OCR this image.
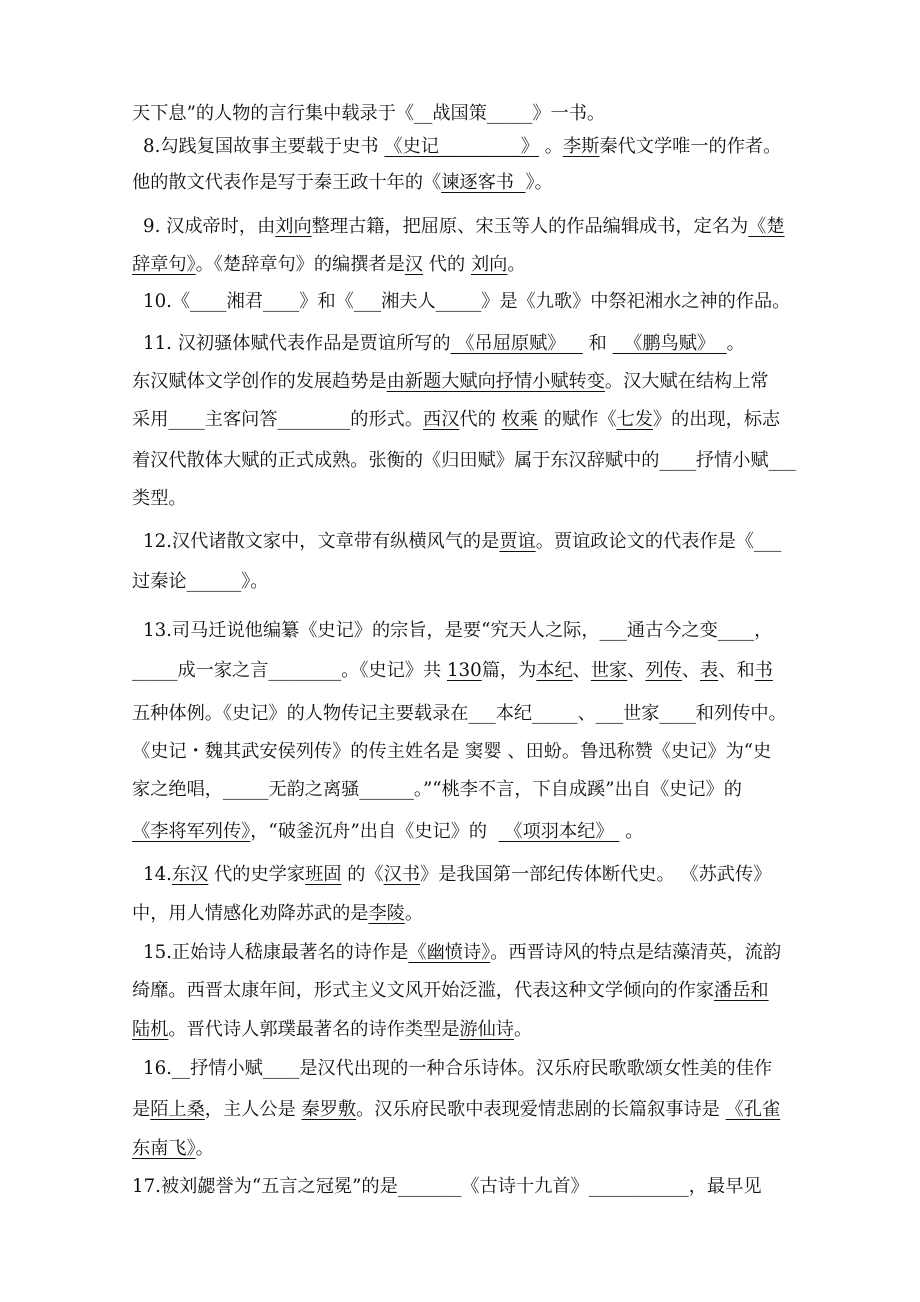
天下息”的人物的言行集中载录于《__战国策_____》一书。
8.勾践复国故事主要载于史书 《史记_________》 。李斯秦代文学唯一的作者。
他的散文代表作是写于秦王政十年的《谏逐客书  》。
9. 汉成帝时，由刘向整理古籍，把屈原、宋玉等人的作品编辑成书，定名为《楚
辞章句》。《楚辞章句》的编撰者是汉 代的 刘向。
10.《____湘君____》和《___湘夫人_____》是《九歌》中祭祀湘水之神的作品。
11. 汉初骚体赋代表作品是贾谊所写的 《吊屈原赋》    和   《鹏鸟赋》  。
东汉赋体文学创作的发展趋势是由新题大赋向抒情小赋转变。汉大赋在结构上常
采用____主客问答________的形式。西汉代的 枚乘 的赋作《七发》的出现，标志
着汉代散体大赋的正式成熟。张衡的《归田赋》属于东汉辞赋中的____抒情小赋___
类型。
12.汉代诸散文家中，文章带有纵横风气的是贾谊。贾谊政论文的代表作是《___
过秦论______》。
13.司马迁说他编纂《史记》的宗旨，是要“究天人之际，___通古今之变____，
_____成一家之言________。《史记》共 130篇，为本纪、世家、列传、表、和书
五种体例。《史记》的人物传记主要载录在___本纪_____、___世家____和列传中。
《史记・魏其武安侯列传》的传主姓名是 窦婴 、田蚡。鲁迅称赞《史记》为“史
家之绝唱，_____无韵之离骚______。”“桃李不言，下自成蹊”出自《史记》的
《李将军列传》，“破釜沉舟”出自《史记》的   《项羽本纪》  。
14.东汉 代的史学家班固 的《汉书》是我国第一部纪传体断代史。 《苏武传》
中，用人情感化劝降苏武的是李陵。
15.正始诗人嵇康最著名的诗作是《幽愤诗》。西晋诗风的特点是结藻清英，流韵
绮靡。西晋太康年间，形式主义文风开始泛滥，代表这种文学倾向的作家潘岳和
陆机。晋代诗人郭璞最著名的诗作类型是游仙诗。
16.__抒情小赋____是汉代出现的一种合乐诗体。汉乐府民歌歌颂女性美的佳作
是陌上桑，主人公是 秦罗敷。汉乐府民歌中表现爱情悲剧的长篇叙事诗是 《孔雀
东南飞》。
17.被刘勰誉为“五言之冠冕”的是_______《古诗十九首》___________，最早见
